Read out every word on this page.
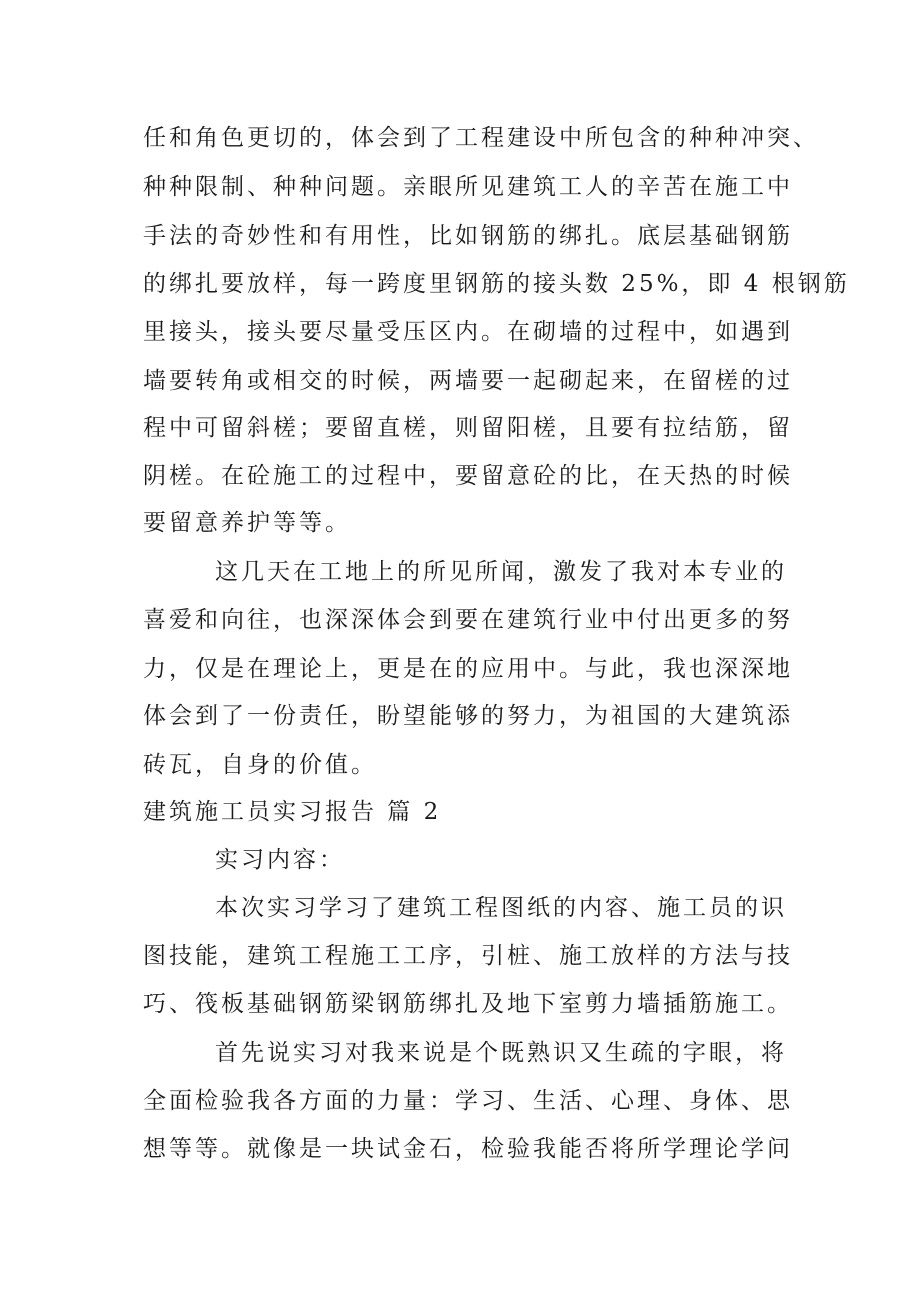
任和角色更切的，体会到了工程建设中所包含的种种冲突、
种种限制、种种问题。亲眼所见建筑工人的辛苦在施工中
手法的奇妙性和有用性，比如钢筋的绑扎。底层基础钢筋
的绑扎要放样，每一跨度里钢筋的接头数 25%，即 4 根钢筋
里接头，接头要尽量受压区内。在砌墙的过程中，如遇到
墙要转角或相交的时候，两墙要一起砌起来，在留槎的过
程中可留斜槎；要留直槎，则留阳槎，且要有拉结筋，留
阴槎。在砼施工的过程中，要留意砼的比，在天热的时候
要留意养护等等。
这几天在工地上的所见所闻，激发了我对本专业的
喜爱和向往，也深深体会到要在建筑行业中付出更多的努
力，仅是在理论上，更是在的应用中。与此，我也深深地
体会到了一份责任，盼望能够的努力，为祖国的大建筑添
砖瓦，自身的价值。
建筑施工员实习报告 篇 2
实习内容：
本次实习学习了建筑工程图纸的内容、施工员的识
图技能，建筑工程施工工序，引桩、施工放样的方法与技
巧、筏板基础钢筋梁钢筋绑扎及地下室剪力墙插筋施工。
首先说实习对我来说是个既熟识又生疏的字眼，将
全面检验我各方面的力量：学习、生活、心理、身体、思
想等等。就像是一块试金石，检验我能否将所学理论学问
